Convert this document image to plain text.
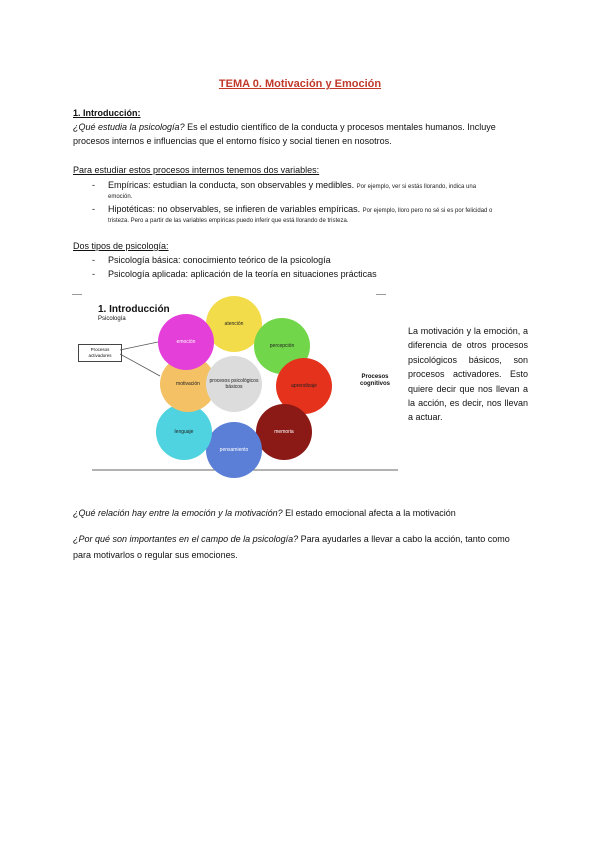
TEMA 0. Motivación y Emoción
1. Introducción:
¿Qué estudia la psicología? Es el estudio científico de la conducta y procesos mentales humanos. Incluye
procesos internos e influencias que el entorno físico y social tienen en nosotros.
Para estudiar estos procesos internos tenemos dos variables:
- Empíricas: estudian la conducta, son observables y medibles. Por ejemplo, ver si estás llorando, indica una
emoción.
- Hipotéticas: no observables, se infieren de variables empíricas. Por ejemplo, lloro pero no sé si es por felicidad o
tristeza. Pero a partir de las variables empíricas puedo inferir que está llorando de tristeza.
Dos tipos de psicología:
- Psicología básica: conocimiento teórico de la psicología
- Psicología aplicada: aplicación de la teoría en situaciones prácticas
1. Introducción
Psicología
Procesos activadores
atención
percepción
aprendizaje
memoria
pensamiento
lenguaje
motivación
emoción
procesos psicológicos básicos
Procesos cognitivos
La motivación y la emoción, a diferencia de otros procesos psicológicos básicos, son procesos activadores. Esto quiere decir que nos llevan a la acción, es decir, nos llevan a actuar.
¿Qué relación hay entre la emoción y la motivación? El estado emocional afecta a la motivación
¿Por qué son importantes en el campo de la psicología? Para ayudarles a llevar a cabo la acción, tanto como
para motivarlos o regular sus emociones.
